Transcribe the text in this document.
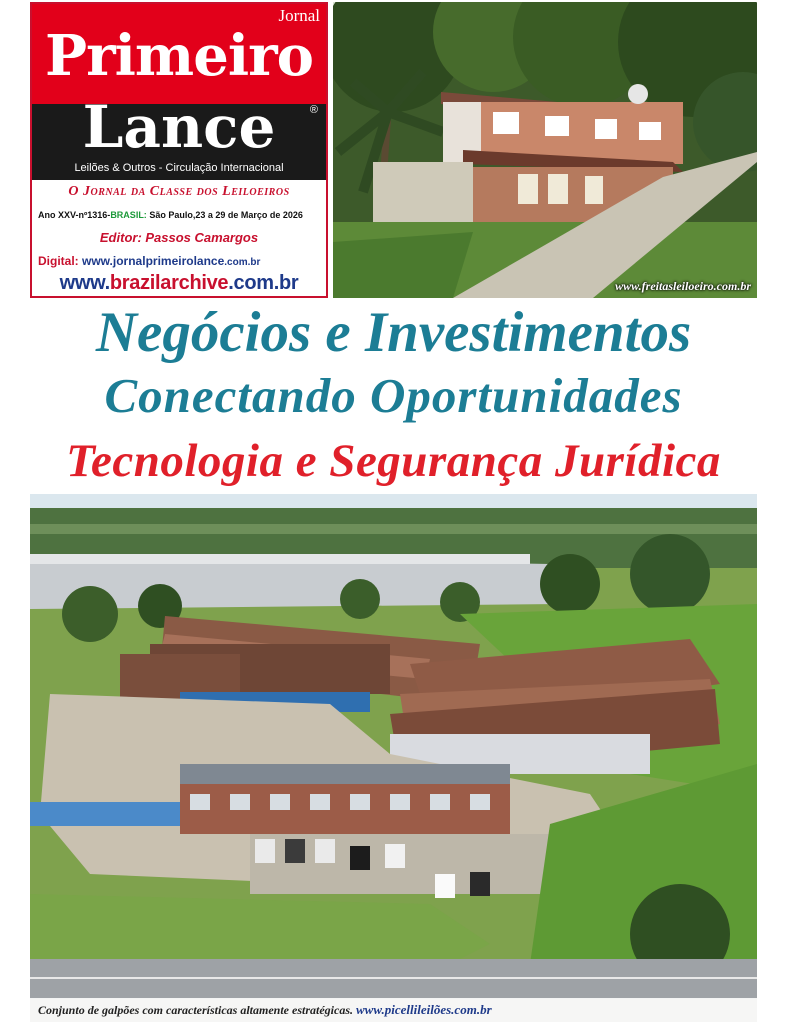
Jornal
Primeiro
Lance	®
Leilões & Outros - Circulação Internacional
O Jornal da Classe dos Leiloeiros
Ano XXV-nº1316-BRASIL: São Paulo,23 a 29 de Março de 2026
Editor: Passos Camargos
Digital: www.jornalprimeirolance.com.br
www.brazilarchive.com.br	www.freitasleiloeiro.com.br
Negócios e Investimentos
Conectando Oportunidades
Tecnologia e Segurança Jurídica
Conjunto de galpões com características altamente estratégicas. www.picellileilões.com.br
